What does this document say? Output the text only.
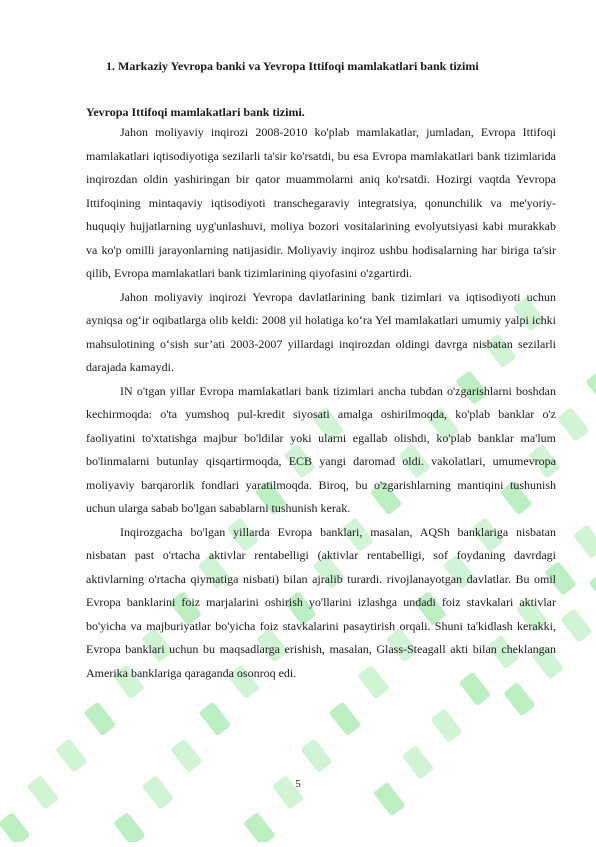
1. Markaziy Yevropa banki va Yevropa Ittifoqi mamlakatlari bank tizimi

Yevropa Ittifoqi mamlakatlari bank tizimi.

Jahon moliyaviy inqirozi 2008-2010 ko'plab mamlakatlar, jumladan, Evropa Ittifoqi mamlakatlari iqtisodiyotiga sezilarli ta'sir ko'rsatdi, bu esa Evropa mamlakatlari bank tizimlarida inqirozdan oldin yashiringan bir qator muammolarni aniq ko'rsatdi. Hozirgi vaqtda Yevropa Ittifoqining mintaqaviy iqtisodiyoti transchegaraviy integratsiya, qonunchilik va me'yoriy-huquqiy hujjatlarning uyg'unlashuvi, moliya bozori vositalarining evolyutsiyasi kabi murakkab va ko'p omilli jarayonlarning natijasidir. Moliyaviy inqiroz ushbu hodisalarning har biriga ta'sir qilib, Evropa mamlakatlari bank tizimlarining qiyofasini o'zgartirdi.

Jahon moliyaviy inqirozi Yevropa davlatlarining bank tizimlari va iqtisodiyoti uchun ayniqsa og‘ir oqibatlarga olib keldi: 2008 yil holatiga ko‘ra YeI mamlakatlari umumiy yalpi ichki mahsulotining o‘sish sur’ati 2003-2007 yillardagi inqirozdan oldingi davrga nisbatan sezilarli darajada kamaydi.

IN o'tgan yillar Evropa mamlakatlari bank tizimlari ancha tubdan o'zgarishlarni boshdan kechirmoqda: o'ta yumshoq pul-kredit siyosati amalga oshirilmoqda, ko'plab banklar o'z faoliyatini to'xtatishga majbur bo'ldilar yoki ularni egallab olishdi, ko'plab banklar ma'lum bo'linmalarni butunlay qisqartirmoqda, ECB yangi daromad oldi. vakolatlari, umumevropa moliyaviy barqarorlik fondlari yaratilmoqda. Biroq, bu o'zgarishlarning mantiqini tushunish uchun ularga sabab bo'lgan sabablarni tushunish kerak.

Inqirozgacha bo'lgan yillarda Evropa banklari, masalan, AQSh banklariga nisbatan nisbatan past o'rtacha aktivlar rentabelligi (aktivlar rentabelligi, sof foydaning davrdagi aktivlarning o'rtacha qiymatiga nisbati) bilan ajralib turardi. rivojlanayotgan davlatlar. Bu omil Evropa banklarini foiz marjalarini oshirish yo'llarini izlashga undadi foiz stavkalari aktivlar bo'yicha va majburiyatlar bo'yicha foiz stavkalarini pasaytirish orqali. Shuni ta'kidlash kerakki, Evropa banklari uchun bu maqsadlarga erishish, masalan, Glass-Steagall akti bilan cheklangan Amerika banklariga qaraganda osonroq edi.

5
